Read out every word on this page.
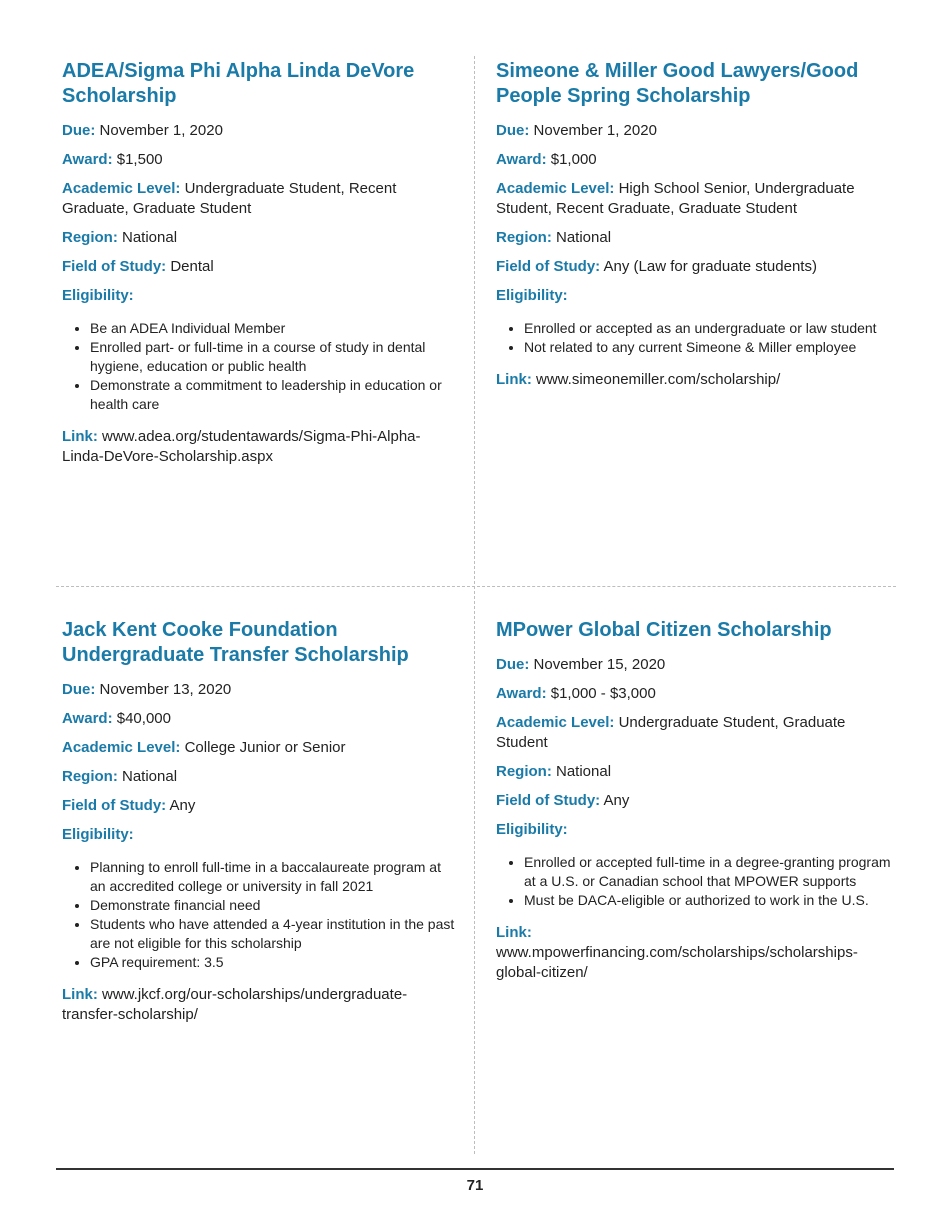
ADEA/Sigma Phi Alpha Linda DeVore Scholarship

Due: November 1, 2020

Award: $1,500

Academic Level: Undergraduate Student, Recent Graduate, Graduate Student

Region: National

Field of Study: Dental

Eligibility:

• Be an ADEA Individual Member
• Enrolled part- or full-time in a course of study in dental hygiene, education or public health
• Demonstrate a commitment to leadership in education or health care

Link: www.adea.org/studentawards/Sigma-Phi-Alpha-Linda-DeVore-Scholarship.aspx

Simeone & Miller Good Lawyers/Good People Spring Scholarship

Due: November 1, 2020

Award: $1,000

Academic Level: High School Senior, Undergraduate Student, Recent Graduate, Graduate Student

Region: National

Field of Study: Any (Law for graduate students)

Eligibility:

• Enrolled or accepted as an undergraduate or law student
• Not related to any current Simeone & Miller employee

Link: www.simeonemiller.com/scholarship/

Jack Kent Cooke Foundation Undergraduate Transfer Scholarship

Due: November 13, 2020

Award: $40,000

Academic Level: College Junior or Senior

Region: National

Field of Study: Any

Eligibility:

• Planning to enroll full-time in a baccalaureate program at an accredited college or university in fall 2021
• Demonstrate financial need
• Students who have attended a 4-year institution in the past are not eligible for this scholarship
• GPA requirement: 3.5

Link: www.jkcf.org/our-scholarships/undergraduate-transfer-scholarship/

MPower Global Citizen Scholarship

Due: November 15, 2020

Award: $1,000 - $3,000

Academic Level: Undergraduate Student, Graduate Student

Region: National

Field of Study: Any

Eligibility:

• Enrolled or accepted full-time in a degree-granting program at a U.S. or Canadian school that MPOWER supports
• Must be DACA-eligible or authorized to work in the U.S.

Link: www.mpowerfinancing.com/scholarships/scholarships-global-citizen/

71
